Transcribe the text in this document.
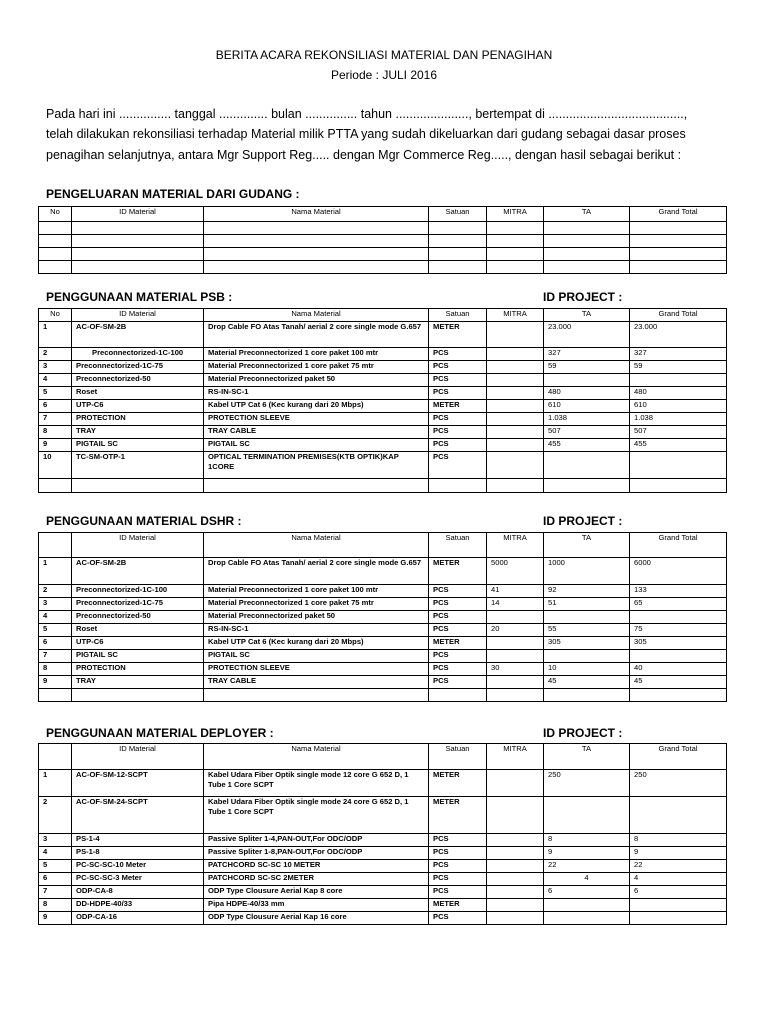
BERITA ACARA REKONSILIASI MATERIAL DAN PENAGIHAN
Periode : JULI 2016
Pada hari ini ............... tanggal .............. bulan ............... tahun ....................., bertempat di .......................................,
telah dilakukan rekonsiliasi terhadap Material milik PTTA yang sudah dikeluarkan dari gudang sebagai dasar proses
penagihan selanjutnya, antara Mgr Support Reg..... dengan Mgr Commerce Reg....., dengan hasil sebagai berikut :
PENGELUARAN MATERIAL DARI GUDANG :
No	ID Material	Nama Material	Satuan	MITRA	TA	Grand Total

PENGGUNAAN MATERIAL PSB :	ID PROJECT :
No	ID Material	Nama Material	Satuan	MITRA	TA	Grand Total
1	AC-OF-SM-2B	Drop Cable FO Atas Tanah/ aerial 2 core single mode G.657	METER		23.000	23.000
2	Preconnectorized-1C-100	Material Preconnectorized 1 core paket 100 mtr	PCS		327	327
3	Preconnectorized-1C-75	Material Preconnectorized 1 core paket 75 mtr	PCS		59	59
4	Preconnectorized-50	Material Preconnectorized paket 50	PCS			
5	Roset	RS-IN-SC-1	PCS		480	480
6	UTP-C6	Kabel UTP Cat 6 (Kec kurang dari 20 Mbps)	METER		610	610
7	PROTECTION	PROTECTION SLEEVE	PCS		1.038	1.038
8	TRAY	TRAY CABLE	PCS		507	507
9	PIGTAIL SC	PIGTAIL SC	PCS		455	455
10	TC-SM-OTP-1	OPTICAL TERMINATION PREMISES(KTB OPTIK)KAP 1CORE	PCS			

PENGGUNAAN MATERIAL DSHR :	ID PROJECT :
	ID Material	Nama Material	Satuan	MITRA	TA	Grand Total
1	AC-OF-SM-2B	Drop Cable FO Atas Tanah/ aerial 2 core single mode G.657	METER	5000	1000	6000
2	Preconnectorized-1C-100	Material Preconnectorized 1 core paket 100 mtr	PCS	41	92	133
3	Preconnectorized-1C-75	Material Preconnectorized 1 core paket 75 mtr	PCS	14	51	65
4	Preconnectorized-50	Material Preconnectorized paket 50	PCS			
5	Roset	RS-IN-SC-1	PCS	20	55	75
6	UTP-C6	Kabel UTP Cat 6 (Kec kurang dari 20 Mbps)	METER		305	305
7	PIGTAIL SC	PIGTAIL SC	PCS			
8	PROTECTION	PROTECTION SLEEVE	PCS	30	10	40
9	TRAY	TRAY CABLE	PCS		45	45

PENGGUNAAN MATERIAL DEPLOYER :	ID PROJECT :
	ID Material	Nama Material	Satuan	MITRA	TA	Grand Total
1	AC-OF-SM-12-SCPT	Kabel Udara Fiber Optik single mode 12 core G 652 D, 1 Tube 1 Core SCPT	METER		250	250
2	AC-OF-SM-24-SCPT	Kabel Udara Fiber Optik single mode 24 core G 652 D, 1 Tube 1 Core SCPT	METER			
3	PS-1-4	Passive Spliter 1-4,PAN-OUT,For ODC/ODP	PCS		8	8
4	PS-1-8	Passive Spliter 1-8,PAN-OUT,For ODC/ODP	PCS		9	9
5	PC-SC-SC-10 Meter	PATCHCORD SC-SC 10 METER	PCS		22	22
6	PC-SC-SC-3 Meter	PATCHCORD SC-SC 2METER	PCS		4	4
7	ODP-CA-8	ODP Type Clousure Aerial Kap 8 core	PCS		6	6
8	DD-HDPE-40/33	Pipa HDPE-40/33 mm	METER			
9	ODP-CA-16	ODP Type Clousure Aerial Kap 16 core	PCS			
